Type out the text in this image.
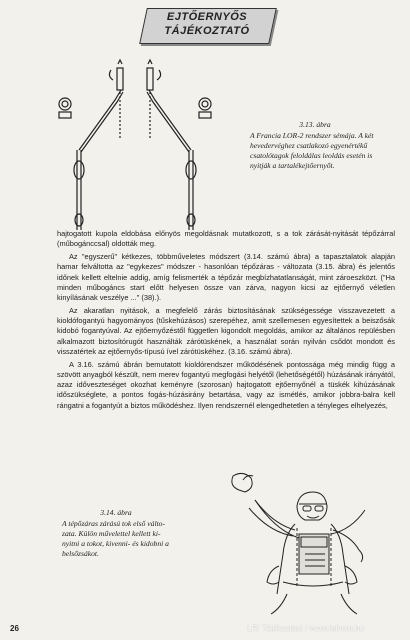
EJTŐERNYŐS
TÁJÉKOZTATÓ
3.13. ábra
A Francia LOR-2 rendszer sémája. A két hevedervéghez csatlakozó egyenértékű csatolótagok feloldálas leoldás esetén is nyitják a tartalékejtőernyőt.

hajtogatott kupola eldobása előnyös megoldásnak mutatkozott, s a tok zárását-nyitását tépőzárral (műbogánccsal) oldották meg.

Az "egyszerű" kétkezes, többműveletes módszert (3.14. számú ábra) a tapasztalatok alapján hamar felváltotta az "egykezes" módszer - hasonlóan tépőzáras - változata (3.15. ábra) és jelentős időnek kellett eltelnie addig, amíg felismerték a tépőzár megbízhatatlanságát, mint zároeszközt. ("Ha minden műbogáncs start előtt helyesen össze van zárva, nagyon kicsi az ejtőernyő véletlen kinyílásának veszélye ..." (38).).

Az akaratlan nyitások, a megfelelő zárás biztosításának szükségessége visszavezetett a kioldófogantyú hagyományos (tűskehúzásos) szerepéhez, amit szellemesen egyesítettek a beiszősák kidobó fogantyúval. Az ejtőernyőzéstől független kigondolt megoldás, amikor az általános repülésben alkalmazott biztosítórugót használták zárótüskének, a használat során nyilván csődöt mondott és visszatértek az ejtőernyős-típusú ível zárótüskéhez. (3.16. számú ábra).

A 3.16. számú ábrán bemutatott kioldórendszer működésének pontossága még mindig függ a szövött anyagból készült, nem merev fogantyú megfogási helyétől (lehetőségétől) húzásának irányától, azaz időveszteséget okozhat keményre (szorosan) hajtogatott ejtőernyőnél a tüskék kihúzásának időszükséglete, a pontos fogás-húzásirány betartása, vagy az ismétlés, amikor jobbra-balra kell rángatni a fogantyút a biztos működéshez. Ilyen rendszernél elengedhetetlen a tényleges elhelyezés,

3.14. ábra
A tépőzáras zárású tok első változata. Külön művelettel kellett kinyitni a tokot, kivenni- és kidobni a belsőzsákot.
26	LRI Tájékoztató / www.felhout.hu
